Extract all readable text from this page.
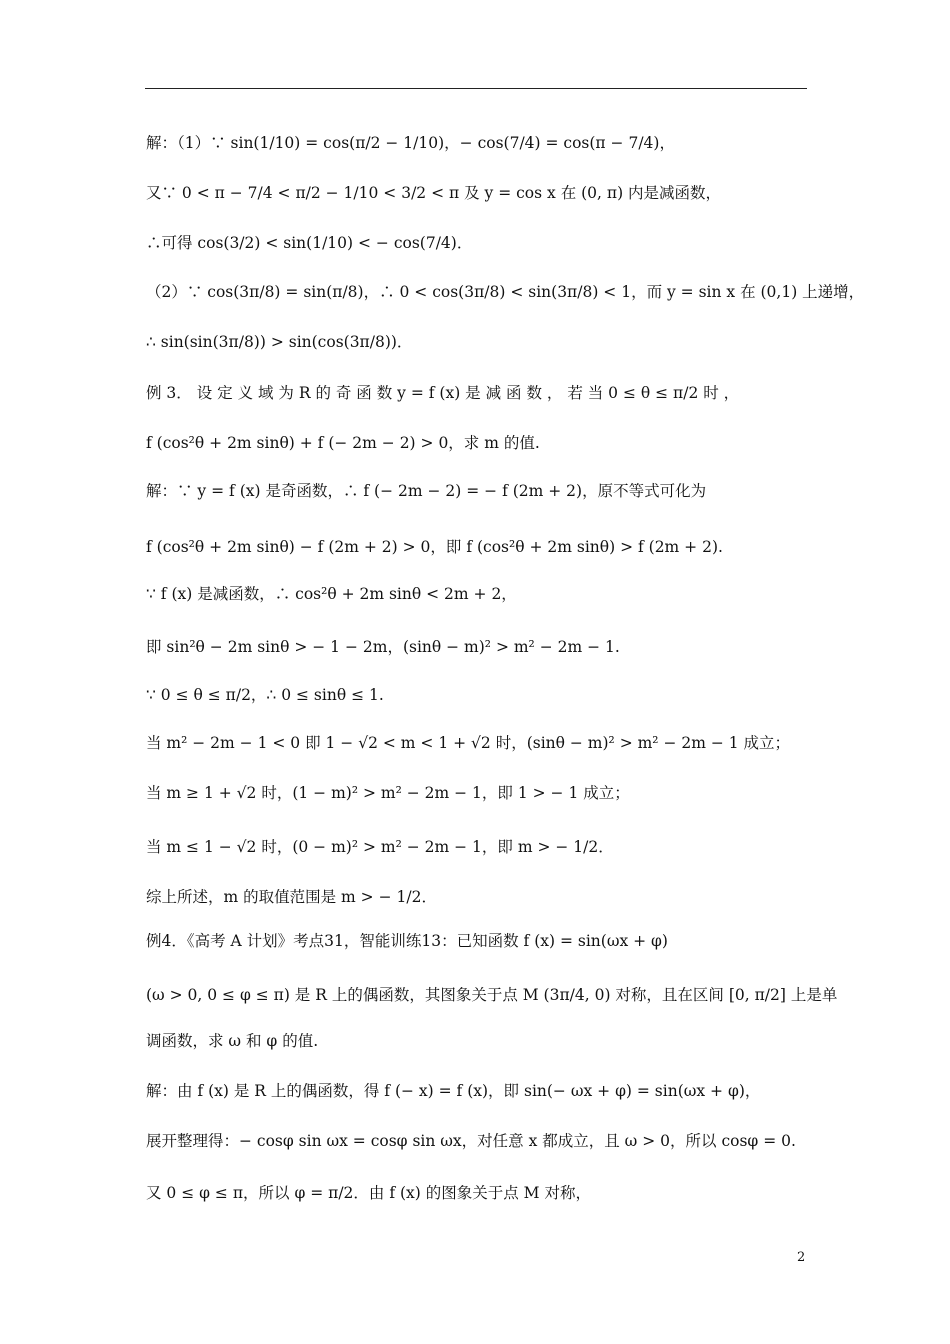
解：（1）∵ sin(1/10) = cos(π/2 − 1/10)，− cos(7/4) = cos(π − 7/4)，
又∵ 0 < π − 7/4 < π/2 − 1/10 < 3/2 < π 及 y = cos x 在 (0, π) 内是减函数，
∴可得 cos(3/2) < sin(1/10) < − cos(7/4)．
（2）∵ cos(3π/8) = sin(π/8)，∴ 0 < cos(3π/8) < sin(3π/8) < 1，而 y = sin x 在 (0,1) 上递增，
∴ sin(sin(3π/8)) > sin(cos(3π/8))．
例 3． 设 定 义 域 为 R 的 奇 函 数 y = f (x) 是 减 函 数 ， 若 当 0 ≤ θ ≤ π/2 时 ，
f (cos²θ + 2m sinθ) + f (− 2m − 2) > 0，求 m 的值.
解：∵ y = f (x) 是奇函数，∴ f (− 2m − 2) = − f (2m + 2)，原不等式可化为
f (cos²θ + 2m sinθ) − f (2m + 2) > 0，即 f (cos²θ + 2m sinθ) > f (2m + 2).
∵ f (x) 是减函数，∴ cos²θ + 2m sinθ < 2m + 2，
即 sin²θ − 2m sinθ > − 1 − 2m，(sinθ − m)² > m² − 2m − 1.
∵ 0 ≤ θ ≤ π/2，∴ 0 ≤ sinθ ≤ 1.
当 m² − 2m − 1 < 0 即 1 − √2 < m < 1 + √2 时，(sinθ − m)² > m² − 2m − 1 成立；
当 m ≥ 1 + √2 时，(1 − m)² > m² − 2m − 1，即 1 > − 1 成立；
当 m ≤ 1 − √2 时，(0 − m)² > m² − 2m − 1，即 m > − 1/2．
综上所述，m 的取值范围是 m > − 1/2．
例4．《高考 A 计划》考点31，智能训练13：已知函数 f (x) = sin(ωx + φ)
(ω > 0, 0 ≤ φ ≤ π) 是 R 上的偶函数，其图象关于点 M (3π/4, 0) 对称，且在区间 [0, π/2] 上是单
调函数，求 ω 和 φ 的值.
解：由 f (x) 是 R 上的偶函数，得 f (− x) = f (x)，即 sin(− ωx + φ) = sin(ωx + φ)，
展开整理得：− cosφ sin ωx = cosφ sin ωx，对任意 x 都成立，且 ω > 0，所以 cosφ = 0.
又 0 ≤ φ ≤ π，所以 φ = π/2．由 f (x) 的图象关于点 M 对称，
2
